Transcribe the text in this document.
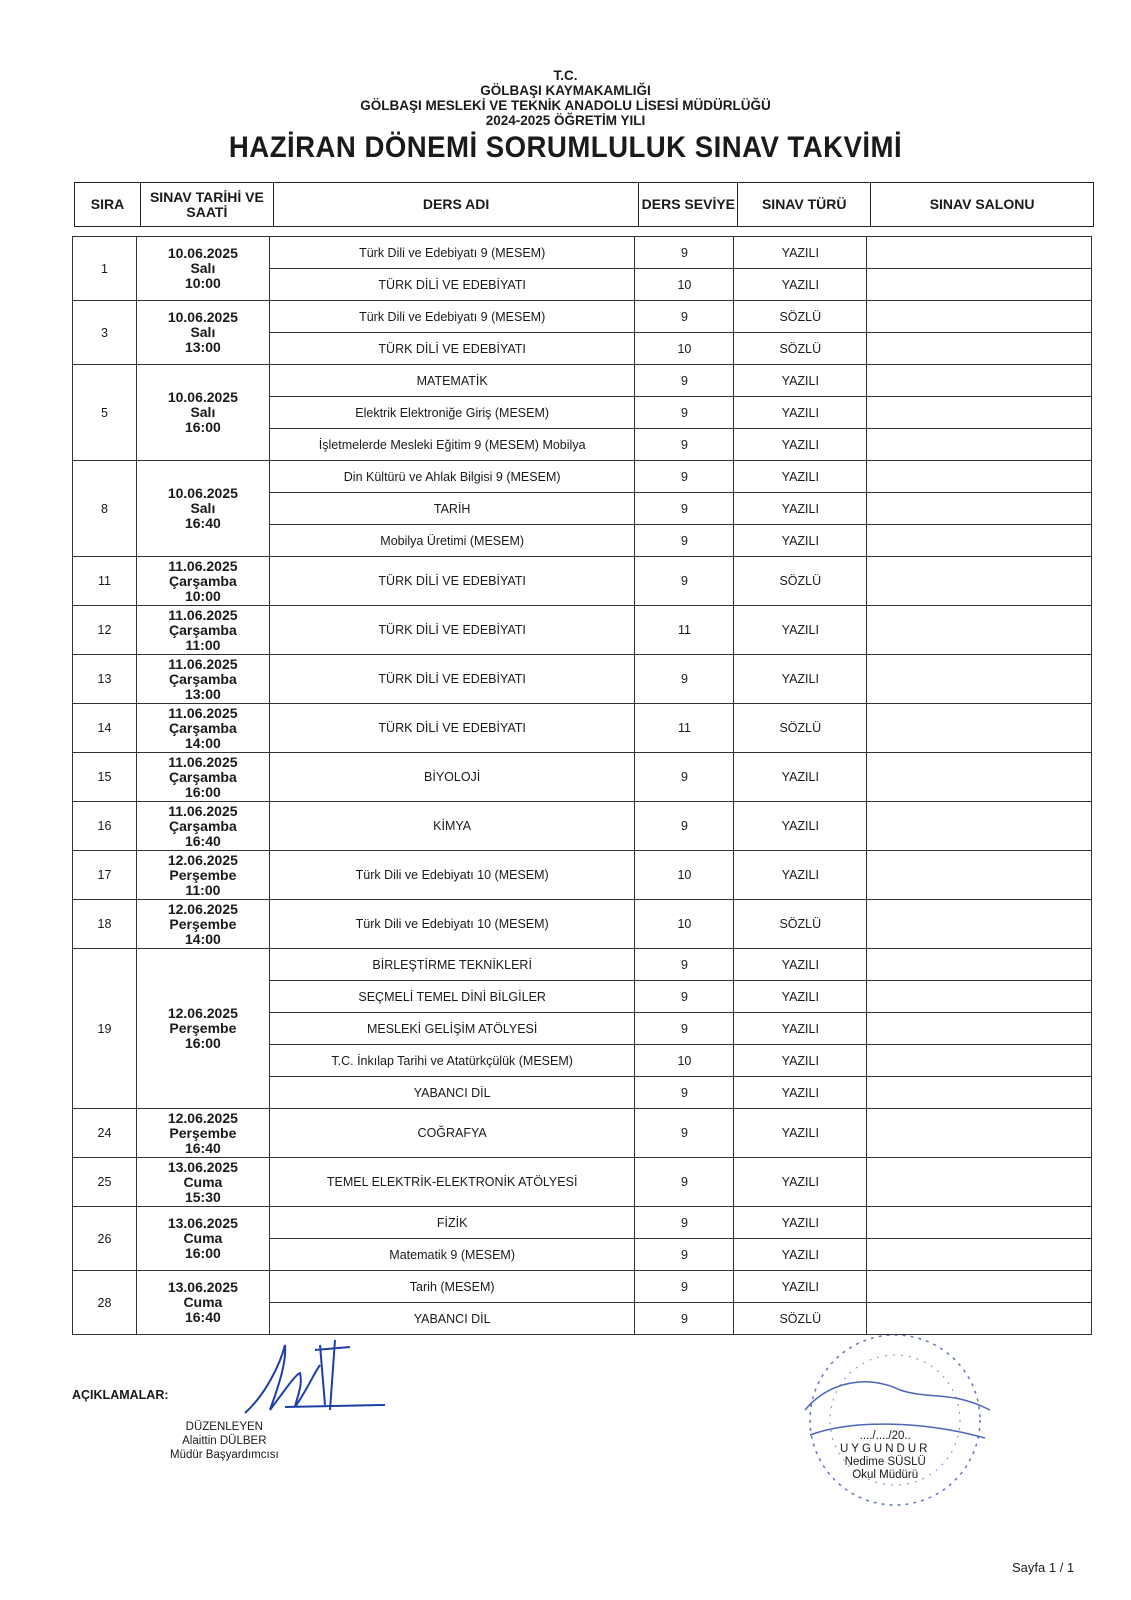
T.C.
GÖLBAŞI KAYMAKAMLIĞI
GÖLBAŞI MESLEKİ VE TEKNİK ANADOLU LİSESİ MÜDÜRLÜĞÜ
2024-2025 ÖĞRETİM YILI
HAZİRAN DÖNEMİ SORUMLULUK SINAV TAKVİMİ
SIRA	SINAV TARİHİ VE SAATİ	DERS ADI	DERS SEVİYE	SINAV TÜRÜ	SINAV SALONU
1	10.06.2025
Salı
10:00	Türk Dili ve Edebiyatı 9 (MESEM)	9	YAZILI	
		TÜRK DİLİ VE EDEBİYATI	10	YAZILI	
3	10.06.2025
Salı
13:00	Türk Dili ve Edebiyatı 9 (MESEM)	9	SÖZLÜ	
		TÜRK DİLİ VE EDEBİYATI	10	SÖZLÜ	
5	10.06.2025
Salı
16:00	MATEMATİK	9	YAZILI	
		Elektrik Elektroniğe Giriş (MESEM)	9	YAZILI	
		İşletmelerde Mesleki Eğitim 9 (MESEM) Mobilya	9	YAZILI	
8	10.06.2025
Salı
16:40	Din Kültürü ve Ahlak Bilgisi 9 (MESEM)	9	YAZILI	
		TARİH	9	YAZILI	
		Mobilya Üretimi (MESEM)	9	YAZILI	
11	11.06.2025
Çarşamba
10:00	TÜRK DİLİ VE EDEBİYATI	9	SÖZLÜ	
12	11.06.2025
Çarşamba
11:00	TÜRK DİLİ VE EDEBİYATI	11	YAZILI	
13	11.06.2025
Çarşamba
13:00	TÜRK DİLİ VE EDEBİYATI	9	YAZILI	
14	11.06.2025
Çarşamba
14:00	TÜRK DİLİ VE EDEBİYATI	11	SÖZLÜ	
15	11.06.2025
Çarşamba
16:00	BİYOLOJİ	9	YAZILI	
16	11.06.2025
Çarşamba
16:40	KİMYA	9	YAZILI	
17	12.06.2025
Perşembe
11:00	Türk Dili ve Edebiyatı 10 (MESEM)	10	YAZILI	
18	12.06.2025
Perşembe
14:00	Türk Dili ve Edebiyatı 10 (MESEM)	10	SÖZLÜ	
19	12.06.2025
Perşembe
16:00	BİRLEŞTİRME TEKNİKLERİ	9	YAZILI	
		SEÇMELİ TEMEL DİNİ BİLGİLER	9	YAZILI	
		MESLEKİ GELİŞİM ATÖLYESİ	9	YAZILI	
		T.C. İnkılap Tarihi ve Atatürkçülük (MESEM)	10	YAZILI	
		YABANCI DİL	9	YAZILI	
24	12.06.2025
Perşembe
16:40	COĞRAFYA	9	YAZILI	
25	13.06.2025
Cuma
15:30	TEMEL ELEKTRİK-ELEKTRONİK ATÖLYESİ	9	YAZILI	
26	13.06.2025
Cuma
16:00	FİZİK	9	YAZILI	
		Matematik 9 (MESEM)	9	YAZILI	
28	13.06.2025
Cuma
16:40	Tarih (MESEM)	9	YAZILI	
		YABANCI DİL	9	SÖZLÜ	
AÇIKLAMALAR:
DÜZENLEYEN
Alaittin DÜLBER
Müdür Başyardımcısı
..../..../20..
UYGUNDUR
Nedime SÜSLÜ
Okul Müdürü
Sayfa 1 / 1
